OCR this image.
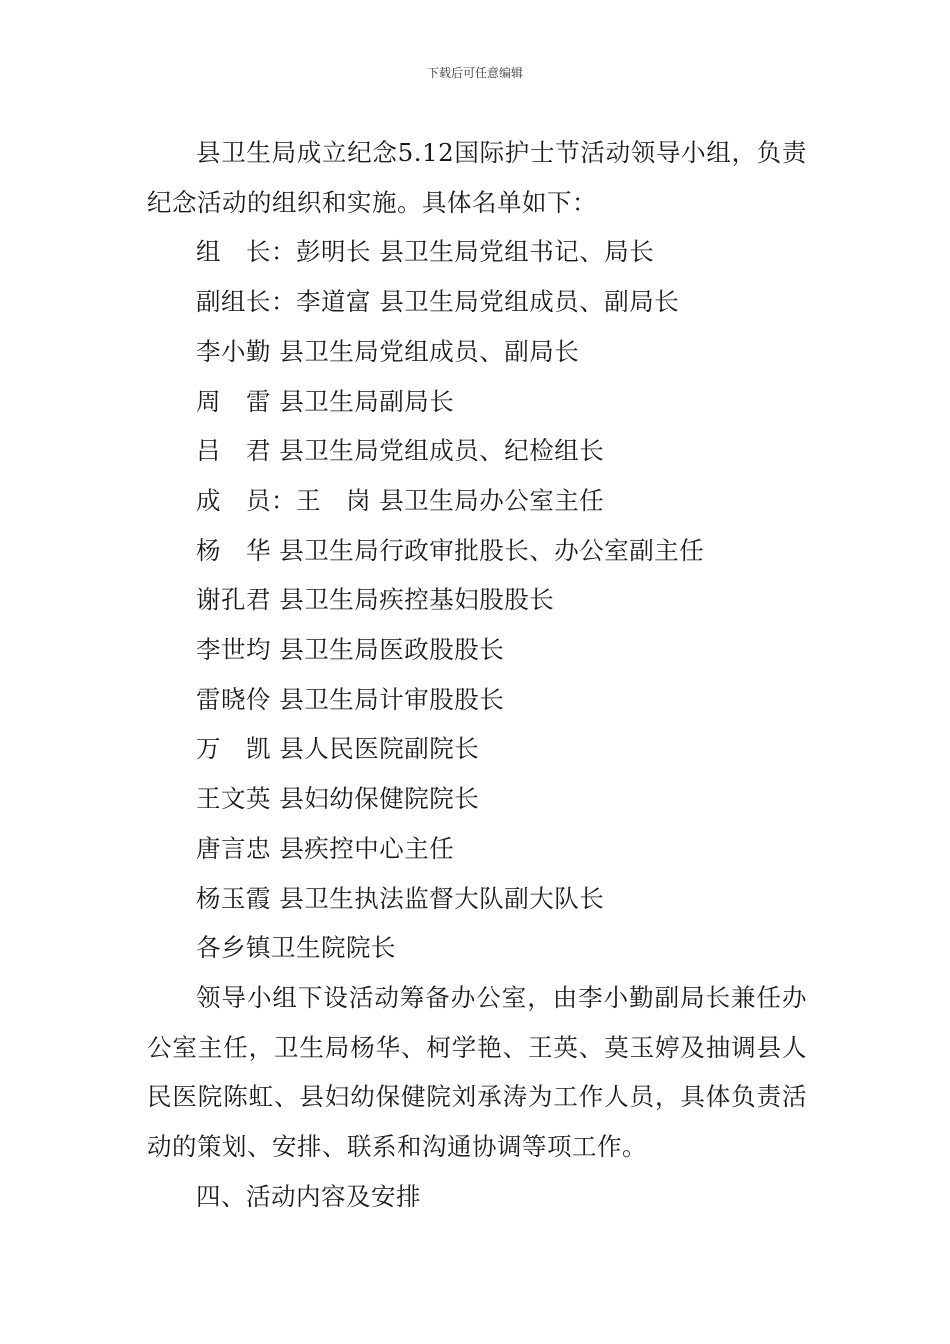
下载后可任意编辑

县卫生局成立纪念5.12国际护士节活动领导小组，负责纪念活动的组织和实施。具体名单如下：

组　长：彭明长 县卫生局党组书记、局长

副组长：李道富 县卫生局党组成员、副局长

李小勤 县卫生局党组成员、副局长

周　雷 县卫生局副局长

吕　君 县卫生局党组成员、纪检组长

成　员：王　岗 县卫生局办公室主任

杨　华 县卫生局行政审批股长、办公室副主任

谢孔君 县卫生局疾控基妇股股长

李世均 县卫生局医政股股长

雷晓伶 县卫生局计审股股长

万　凯 县人民医院副院长

王文英 县妇幼保健院院长

唐言忠 县疾控中心主任

杨玉霞 县卫生执法监督大队副大队长

各乡镇卫生院院长

领导小组下设活动筹备办公室，由李小勤副局长兼任办公室主任，卫生局杨华、柯学艳、王英、莫玉婷及抽调县人民医院陈虹、县妇幼保健院刘承涛为工作人员，具体负责活动的策划、安排、联系和沟通协调等项工作。

四、活动内容及安排
